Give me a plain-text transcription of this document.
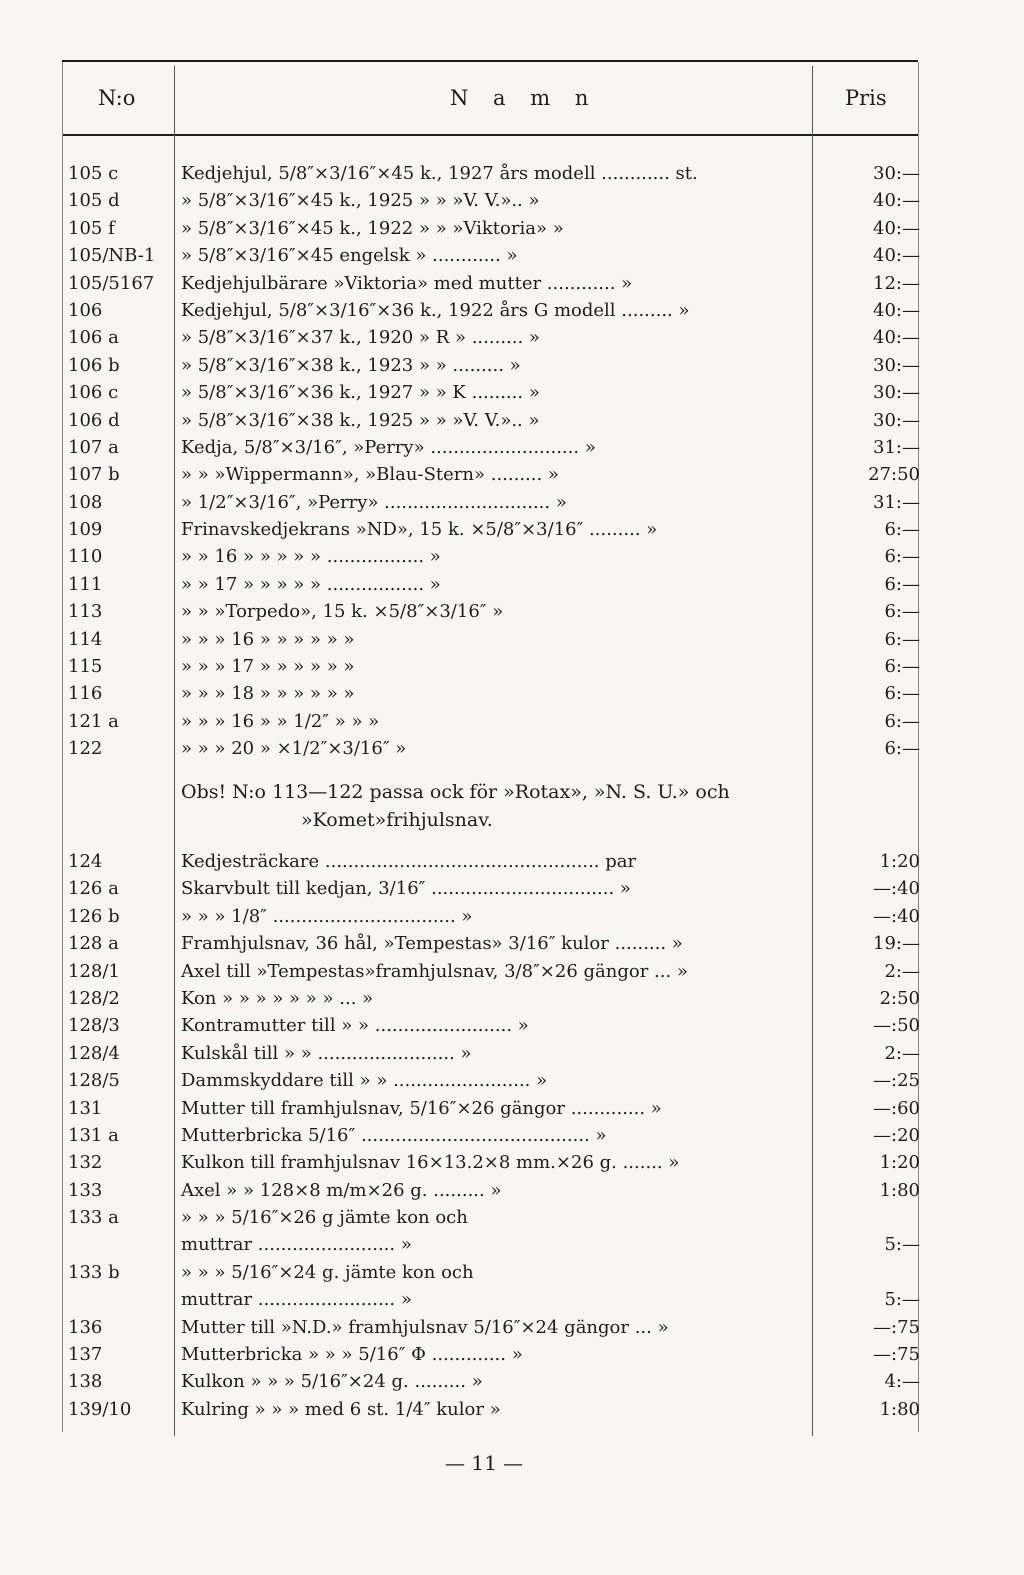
N:o	N a m n	Pris
105 c	Kedjehjul, 5/8″×3/16″×45 k., 1927 års modell ............ st.	30:—
105 d	» 5/8″×3/16″×45 k., 1925 » » »V. V.».. »	40:—
105 f	» 5/8″×3/16″×45 k., 1922 » » »Viktoria» »	40:—
105/NB-1 » 5/8″×3/16″×45 engelsk » ............ »	40:—
105/5167 Kedjehjulbärare »Viktoria» med mutter ............ »	12:—
106	Kedjehjul, 5/8″×3/16″×36 k., 1922 års G modell ......... »	40:—
106 a	» 5/8″×3/16″×37 k., 1920 » R » ......... »	40:—
106 b	» 5/8″×3/16″×38 k., 1923 » » ......... »	30:—
106 c	» 5/8″×3/16″×36 k., 1927 » » K ......... »	30:—
106 d	» 5/8″×3/16″×38 k., 1925 » » »V. V.».. »	30:—
107 a	Kedja, 5/8″×3/16″, »Perry» .......................... »	31:—
107 b	» » »Wippermann», »Blau-Stern» ......... »	27:50
108	» 1/2″×3/16″, »Perry» ............................. »	31:—
109	Frinavskedjekrans »ND», 15 k. ×5/8″×3/16″ ......... »	6:—
110	» » 16 » » » » » ................. »	6:—
111	» » 17 » » » » » ................. »	6:—
113	» » »Torpedo», 15 k. ×5/8″×3/16″ »	6:—
114	» » » 16 » » » » » »	6:—
115	» » » 17 » » » » » »	6:—
116	» » » 18 » » » » » »	6:—
121 a	» » » 16 » » 1/2″ » » »	6:—
122	» » » 20 » ×1/2″×3/16″ »	6:—
Obs! N:o 113—122 passa ock för »Rotax», »N. S. U.» och
»Komet»frihjulsnav.
124	Kedjesträckare ................................................ par	1:20
126 a	Skarvbult till kedjan, 3/16″ ................................ »	—:40
126 b	» » » 1/8″ ................................ »	—:40
128 a	Framhjulsnav, 36 hål, »Tempestas» 3/16″ kulor ......... »	19:—
128/1	Axel till »Tempestas»framhjulsnav, 3/8″×26 gängor ... »	2:—
128/2	Kon » » » » » » » ... »	2:50
128/3	Kontramutter till » » ........................ »	—:50
128/4	Kulskål till » » ........................ »	2:—
128/5	Dammskyddare till » » ........................ »	—:25
131	Mutter till framhjulsnav, 5/16″×26 gängor ............. »	—:60
131 a	Mutterbricka 5/16″ ........................................ »	—:20
132	Kulkon till framhjulsnav 16×13.2×8 mm.×26 g. ....... »	1:20
133	Axel » » 128×8 m/m×26 g. ......... »	1:80
133 a	» » » 5/16″×26 g jämte kon och
muttrar ........................ »	5:—
133 b	» » » 5/16″×24 g. jämte kon och
muttrar ........................ »	5:—
136	Mutter till »N.D.» framhjulsnav 5/16″×24 gängor ... »	—:75
137	Mutterbricka » » » 5/16″ Φ ............. »	—:75
138	Kulkon » » » 5/16″×24 g. ......... »	4:—
139/10	Kulring » » » med 6 st. 1/4″ kulor »	1:80
— 11 —
